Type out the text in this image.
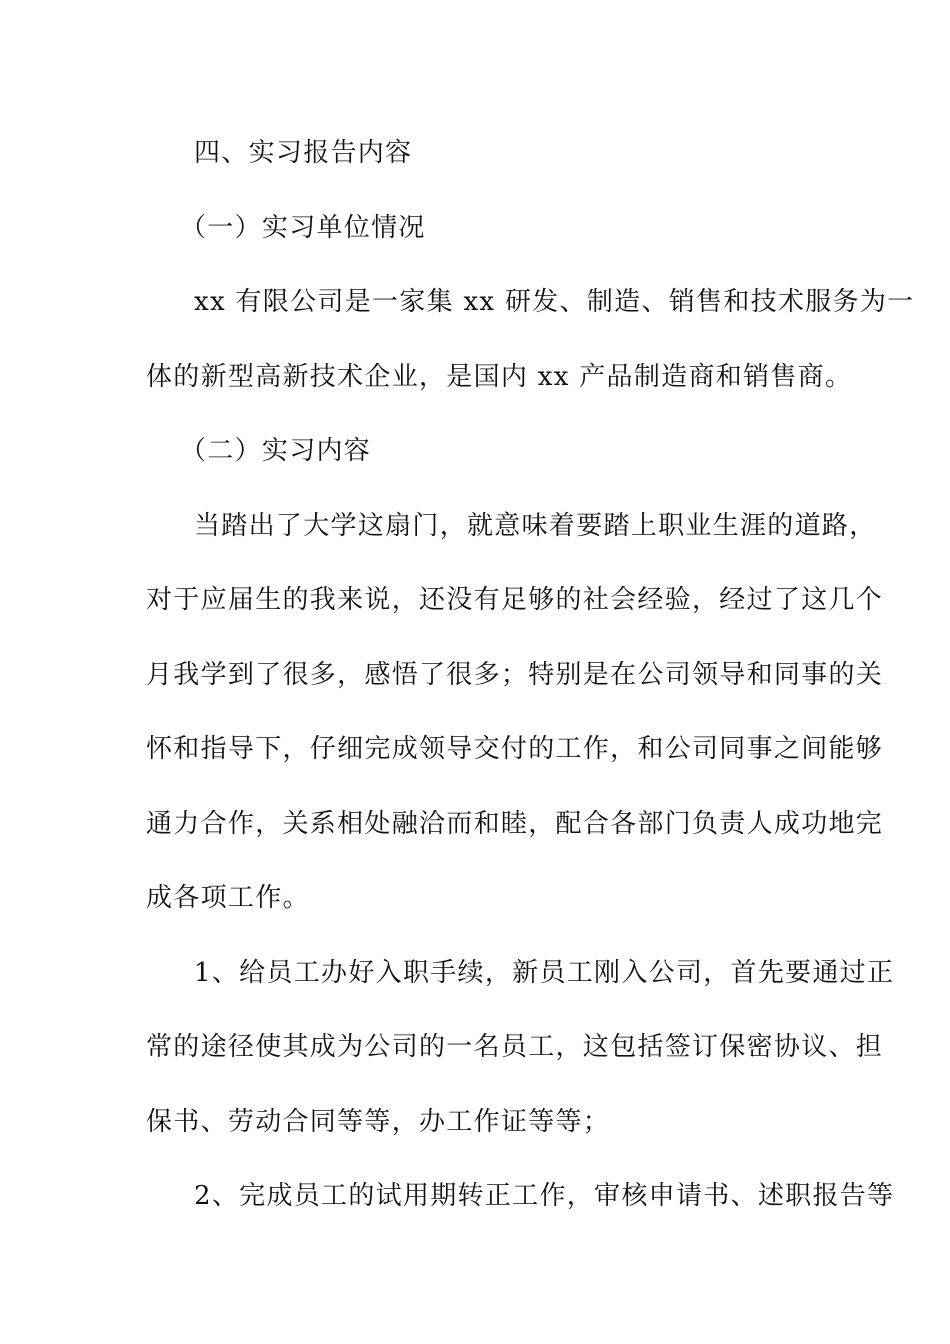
四、实习报告内容
（一）实习单位情况
xx 有限公司是一家集 xx 研发、制造、销售和技术服务为一
体的新型高新技术企业，是国内 xx 产品制造商和销售商。
（二）实习内容
当踏出了大学这扇门，就意味着要踏上职业生涯的道路，
对于应届生的我来说，还没有足够的社会经验，经过了这几个
月我学到了很多，感悟了很多；特别是在公司领导和同事的关
怀和指导下，仔细完成领导交付的工作，和公司同事之间能够
通力合作，关系相处融洽而和睦，配合各部门负责人成功地完
成各项工作。
1、给员工办好入职手续，新员工刚入公司，首先要通过正
常的途径使其成为公司的一名员工，这包括签订保密协议、担
保书、劳动合同等等，办工作证等等；
2、完成员工的试用期转正工作，审核申请书、述职报告等
